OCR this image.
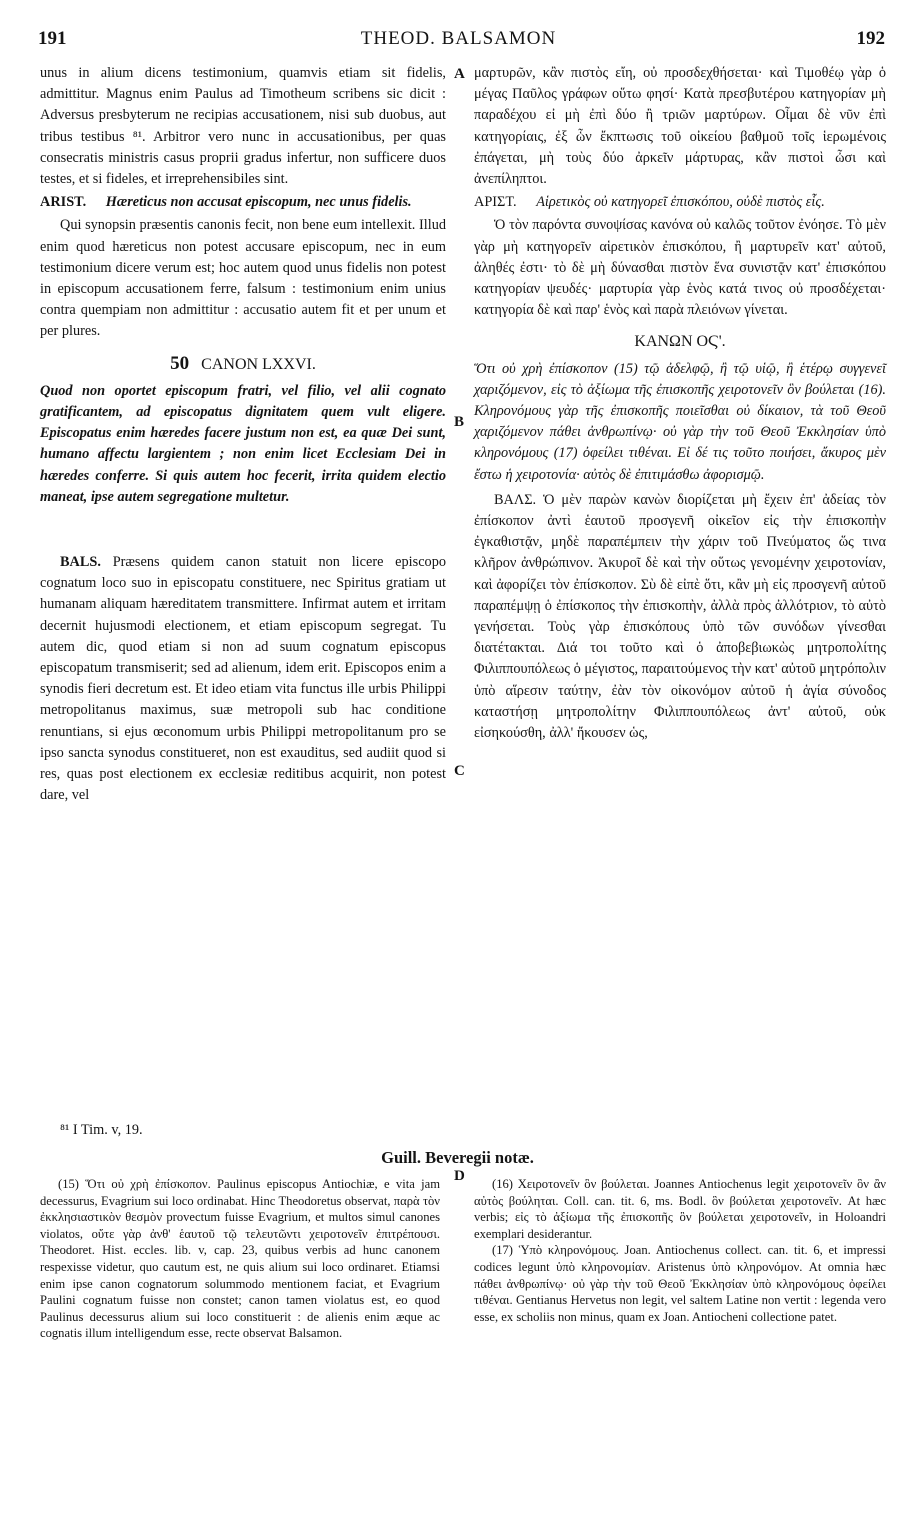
191	THEOD. BALSAMON	192

unus in alium dicens testimonium, quamvis etiam sit fidelis, admittitur. Magnus enim Paulus ad Timotheum scribens sic dicit : Adversus presbyterum ne recipias accusationem, nisi sub duobus, aut tribus testibus ⁸¹. Arbitror vero nunc in accusationibus, per quas consecratis ministris casus proprii gradus infertur, non sufficere duos testes, et si fideles, et irreprehensibiles sint.

ARIST. Hæreticus non accusat episcopum, nec unus fidelis.

Qui synopsin præsentis canonis fecit, non bene eum intellexit. Illud enim quod hæreticus non potest accusare episcopum, nec in eum testimonium dicere verum est; hoc autem quod unus fidelis non potest in episcopum accusationem ferre, falsum : testimonium enim unius contra quempiam non admittitur : accusatio autem fit et per unum et per plures.

50 CANON LXXVI.

Quod non oportet episcopum fratri, vel filio, vel alii cognato gratificantem, ad episcopatus dignitatem quem vult eligere. Episcopatus enim hæredes facere justum non est, ea quæ Dei sunt, humano affectu largientem ; non enim licet Ecclesiam Dei in hæredes conferre. Si quis autem hoc fecerit, irrita quidem electio maneat, ipse autem segregatione multetur.

BALS. Præsens quidem canon statuit non licere episcopo cognatum loco suo in episcopatu constituere, nec Spiritus gratiam ut humanam aliquam hæreditatem transmittere. Infirmat autem et irritam decernit hujusmodi electionem, et etiam episcopum segregat. Tu autem dic, quod etiam si non ad suum cognatum episcopus episcopatum transmiserit; sed ad alienum, idem erit. Episcopos enim a synodis fieri decretum est. Et ideo etiam vita functus ille urbis Philippi metropolitanus maximus, suæ metropoli sub hac conditione renuntians, si ejus œconomum urbis Philippi metropolitanum pro se ipso sancta synodus constitueret, non est exauditus, sed audiit quod si res, quas post electionem ex ecclesiæ reditibus acquirit, non potest dare, vel

μαρτυρῶν, κἂν πιστὸς εἴη, οὐ προσδεχθήσεται· καὶ Τιμοθέῳ γὰρ ὁ μέγας Παῦλος γράφων οὕτω φησί· Κατὰ πρεσβυτέρου κατηγορίαν μὴ παραδέχου εἰ μὴ ἐπὶ δύο ἢ τριῶν μαρτύρων. Οἶμαι δὲ νῦν ἐπὶ κατηγορίαις, ἐξ ὧν ἔκπτωσις τοῦ οἰκείου βαθμοῦ τοῖς ἱερωμένοις ἐπάγεται, μὴ τοὺς δύο ἀρκεῖν μάρτυρας, κἂν πιστοὶ ὦσι καὶ ἀνεπίληπτοι.

ΑΡΙΣΤ. Αἱρετικὸς οὐ κατηγορεῖ ἐπισκόπου, οὐδὲ πιστὸς εἷς.

Ὁ τὸν παρόντα συνοψίσας κανόνα οὐ καλῶς τοῦτον ἐνόησε. Τὸ μὲν γὰρ μὴ κατηγορεῖν αἱρετικὸν ἐπισκόπου, ἢ μαρτυρεῖν κατ' αὐτοῦ, ἀληθές ἐστι· τὸ δὲ μὴ δύνασθαι πιστὸν ἕνα συνιστᾷν κατ' ἐπισκόπου κατηγορίαν ψευδές· μαρτυρία γὰρ ἑνὸς κατά τινος οὐ προσδέχεται· κατηγορία δὲ καὶ παρ' ἑνὸς καὶ παρὰ πλειόνων γίνεται.

ΚΑΝΩΝ ΟϚ'.

Ὅτι οὐ χρὴ ἐπίσκοπον (15) τῷ ἀδελφῷ, ἢ τῷ υἱῷ, ἢ ἑτέρῳ συγγενεῖ χαριζόμενον, εἰς τὸ ἀξίωμα τῆς ἐπισκοπῆς χειροτονεῖν ὃν βούλεται (16). Κληρονόμους γὰρ τῆς ἐπισκοπῆς ποιεῖσθαι οὐ δίκαιον, τὰ τοῦ Θεοῦ χαριζόμενον πάθει ἀνθρωπίνῳ· οὐ γὰρ τὴν τοῦ Θεοῦ Ἐκκλησίαν ὑπὸ κληρονόμους (17) ὀφείλει τιθέναι. Εἰ δέ τις τοῦτο ποιήσει, ἄκυρος μὲν ἔστω ἡ χειροτονία· αὐτὸς δὲ ἐπιτιμάσθω ἀφορισμῷ.

ΒΑΛΣ. Ὁ μὲν παρὼν κανὼν διορίζεται μὴ ἔχειν ἐπ' ἀδείας τὸν ἐπίσκοπον ἀντὶ ἑαυτοῦ προσγενῆ οἰκεῖον εἰς τὴν ἐπισκοπὴν ἐγκαθιστᾷν, μηδὲ παραπέμπειν τὴν χάριν τοῦ Πνεύματος ὥς τινα κλῆρον ἀνθρώπινον. Ἀκυροῖ δὲ καὶ τὴν οὕτως γενομένην χειροτονίαν, καὶ ἀφορίζει τὸν ἐπίσκοπον. Σὺ δὲ εἰπὲ ὅτι, κἂν μὴ εἰς προσγενῆ αὐτοῦ παραπέμψῃ ὁ ἐπίσκοπος τὴν ἐπισκοπὴν, ἀλλὰ πρὸς ἀλλότριον, τὸ αὐτὸ γενήσεται. Τοὺς γὰρ ἐπισκόπους ὑπὸ τῶν συνόδων γίνεσθαι διατέτακται. Διά τοι τοῦτο καὶ ὁ ἀποβεβιωκὼς μητροπολίτης Φιλιππουπόλεως ὁ μέγιστος, παραιτούμενος τὴν κατ' αὐτοῦ μητρόπολιν ὑπὸ αἵρεσιν ταύτην, ἐὰν τὸν οἰκονόμον αὐτοῦ ἡ ἁγία σύνοδος καταστήσῃ μητροπολίτην Φιλιππουπόλεως ἀντ' αὐτοῦ, οὐκ εἰσηκούσθη, ἀλλ' ἤκουσεν ὡς,

A
B
C
D
⁸¹ I Tim. v, 19.
Guill. Beveregii notæ.

(15) Ὅτι οὐ χρὴ ἐπίσκοπον. Paulinus episcopus Antiochiæ, e vita jam decessurus, Evagrium sui loco ordinabat. Hinc Theodoretus observat, παρὰ τὸν ἐκκλησιαστικὸν θεσμὸν provectum fuisse Evagrium, et multos simul canones violatos, οὔτε γὰρ ἀνθ' ἑαυτοῦ τῷ τελευτῶντι χειροτονεῖν ἐπιτρέπουσι. Theodoret. Hist. eccles. lib. v, cap. 23, quibus verbis ad hunc canonem respexisse videtur, quo cautum est, ne quis alium sui loco ordinaret. Etiamsi enim ipse canon cognatorum solummodo mentionem faciat, et Evagrium Paulini cognatum fuisse non constet; canon tamen violatus est, eo quod Paulinus decessurus alium sui loco constituerit : de alienis enim æque ac cognatis illum intelligendum esse, recte observat Balsamon.

(16) Χειροτονεῖν ὃν βούλεται. Joannes Antiochenus legit χειροτονεῖν ὃν ἂν αὐτὸς βούληται. Coll. can. tit. 6, ms. Bodl. ὃν βούλεται χειροτονεῖν. At hæc verbis; εἰς τὸ ἀξίωμα τῆς ἐπισκοπῆς ὃν βούλεται χειροτονεῖν, in Holoandri exemplari desiderantur.

(17) Ὑπὸ κληρονόμους. Joan. Antiochenus collect. can. tit. 6, et impressi codices legunt ὑπὸ κληρονομίαν. Aristenus ὑπὸ κληρονόμον. At omnia hæc πάθει ἀνθρωπίνῳ· οὐ γὰρ τὴν τοῦ Θεοῦ Ἐκκλησίαν ὑπὸ κληρονόμους ὀφείλει τιθέναι. Gentianus Hervetus non legit, vel saltem Latine non vertit : legenda vero esse, ex scholiis non minus, quam ex Joan. Antiocheni collectione patet.
